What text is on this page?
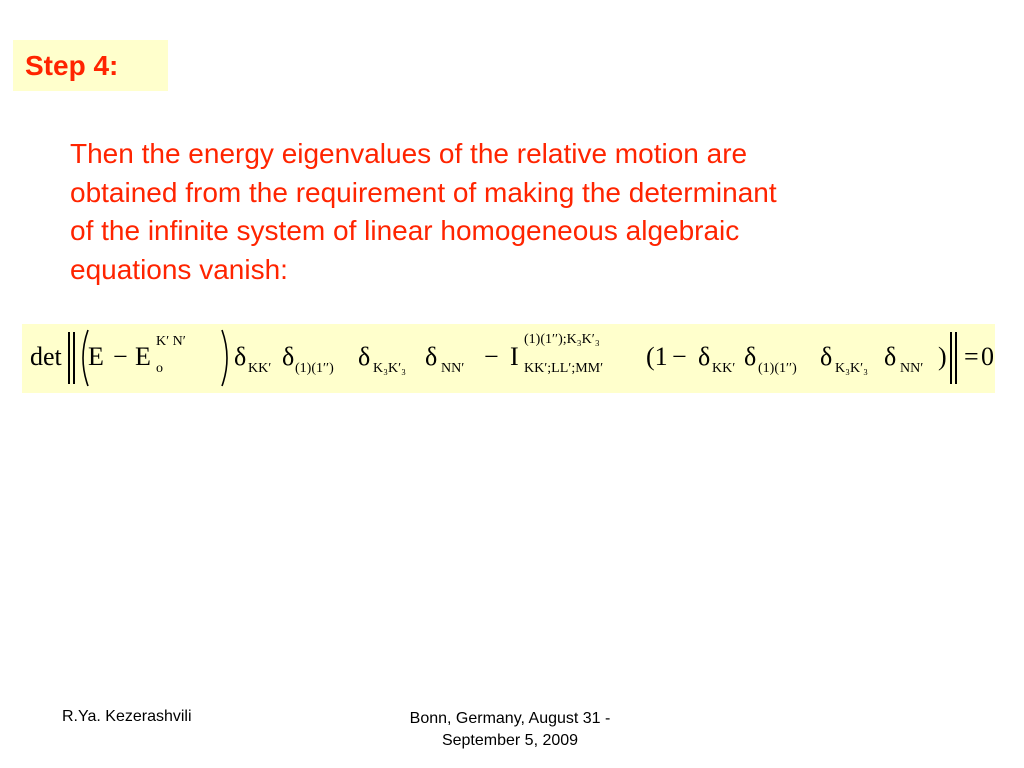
Step 4:
Then the energy eigenvalues of the relative motion are
obtained from the requirement of making the determinant
of the infinite system of linear homogeneous algebraic
equations vanish:
det E − E
K′ N′
o	δ KK′ δ (1)(1′′) δ K₃K′₃ δ NN′ − I
(1)(1′′);K₃K′₃
KK′;LL′;MM′ (1 − δ KK′ δ (1)(1′′) δ K₃K′₃ δ NN′ ) = 0
R.Ya. Kezerashvili	Bonn, Germany, August 31 -
September 5, 2009
